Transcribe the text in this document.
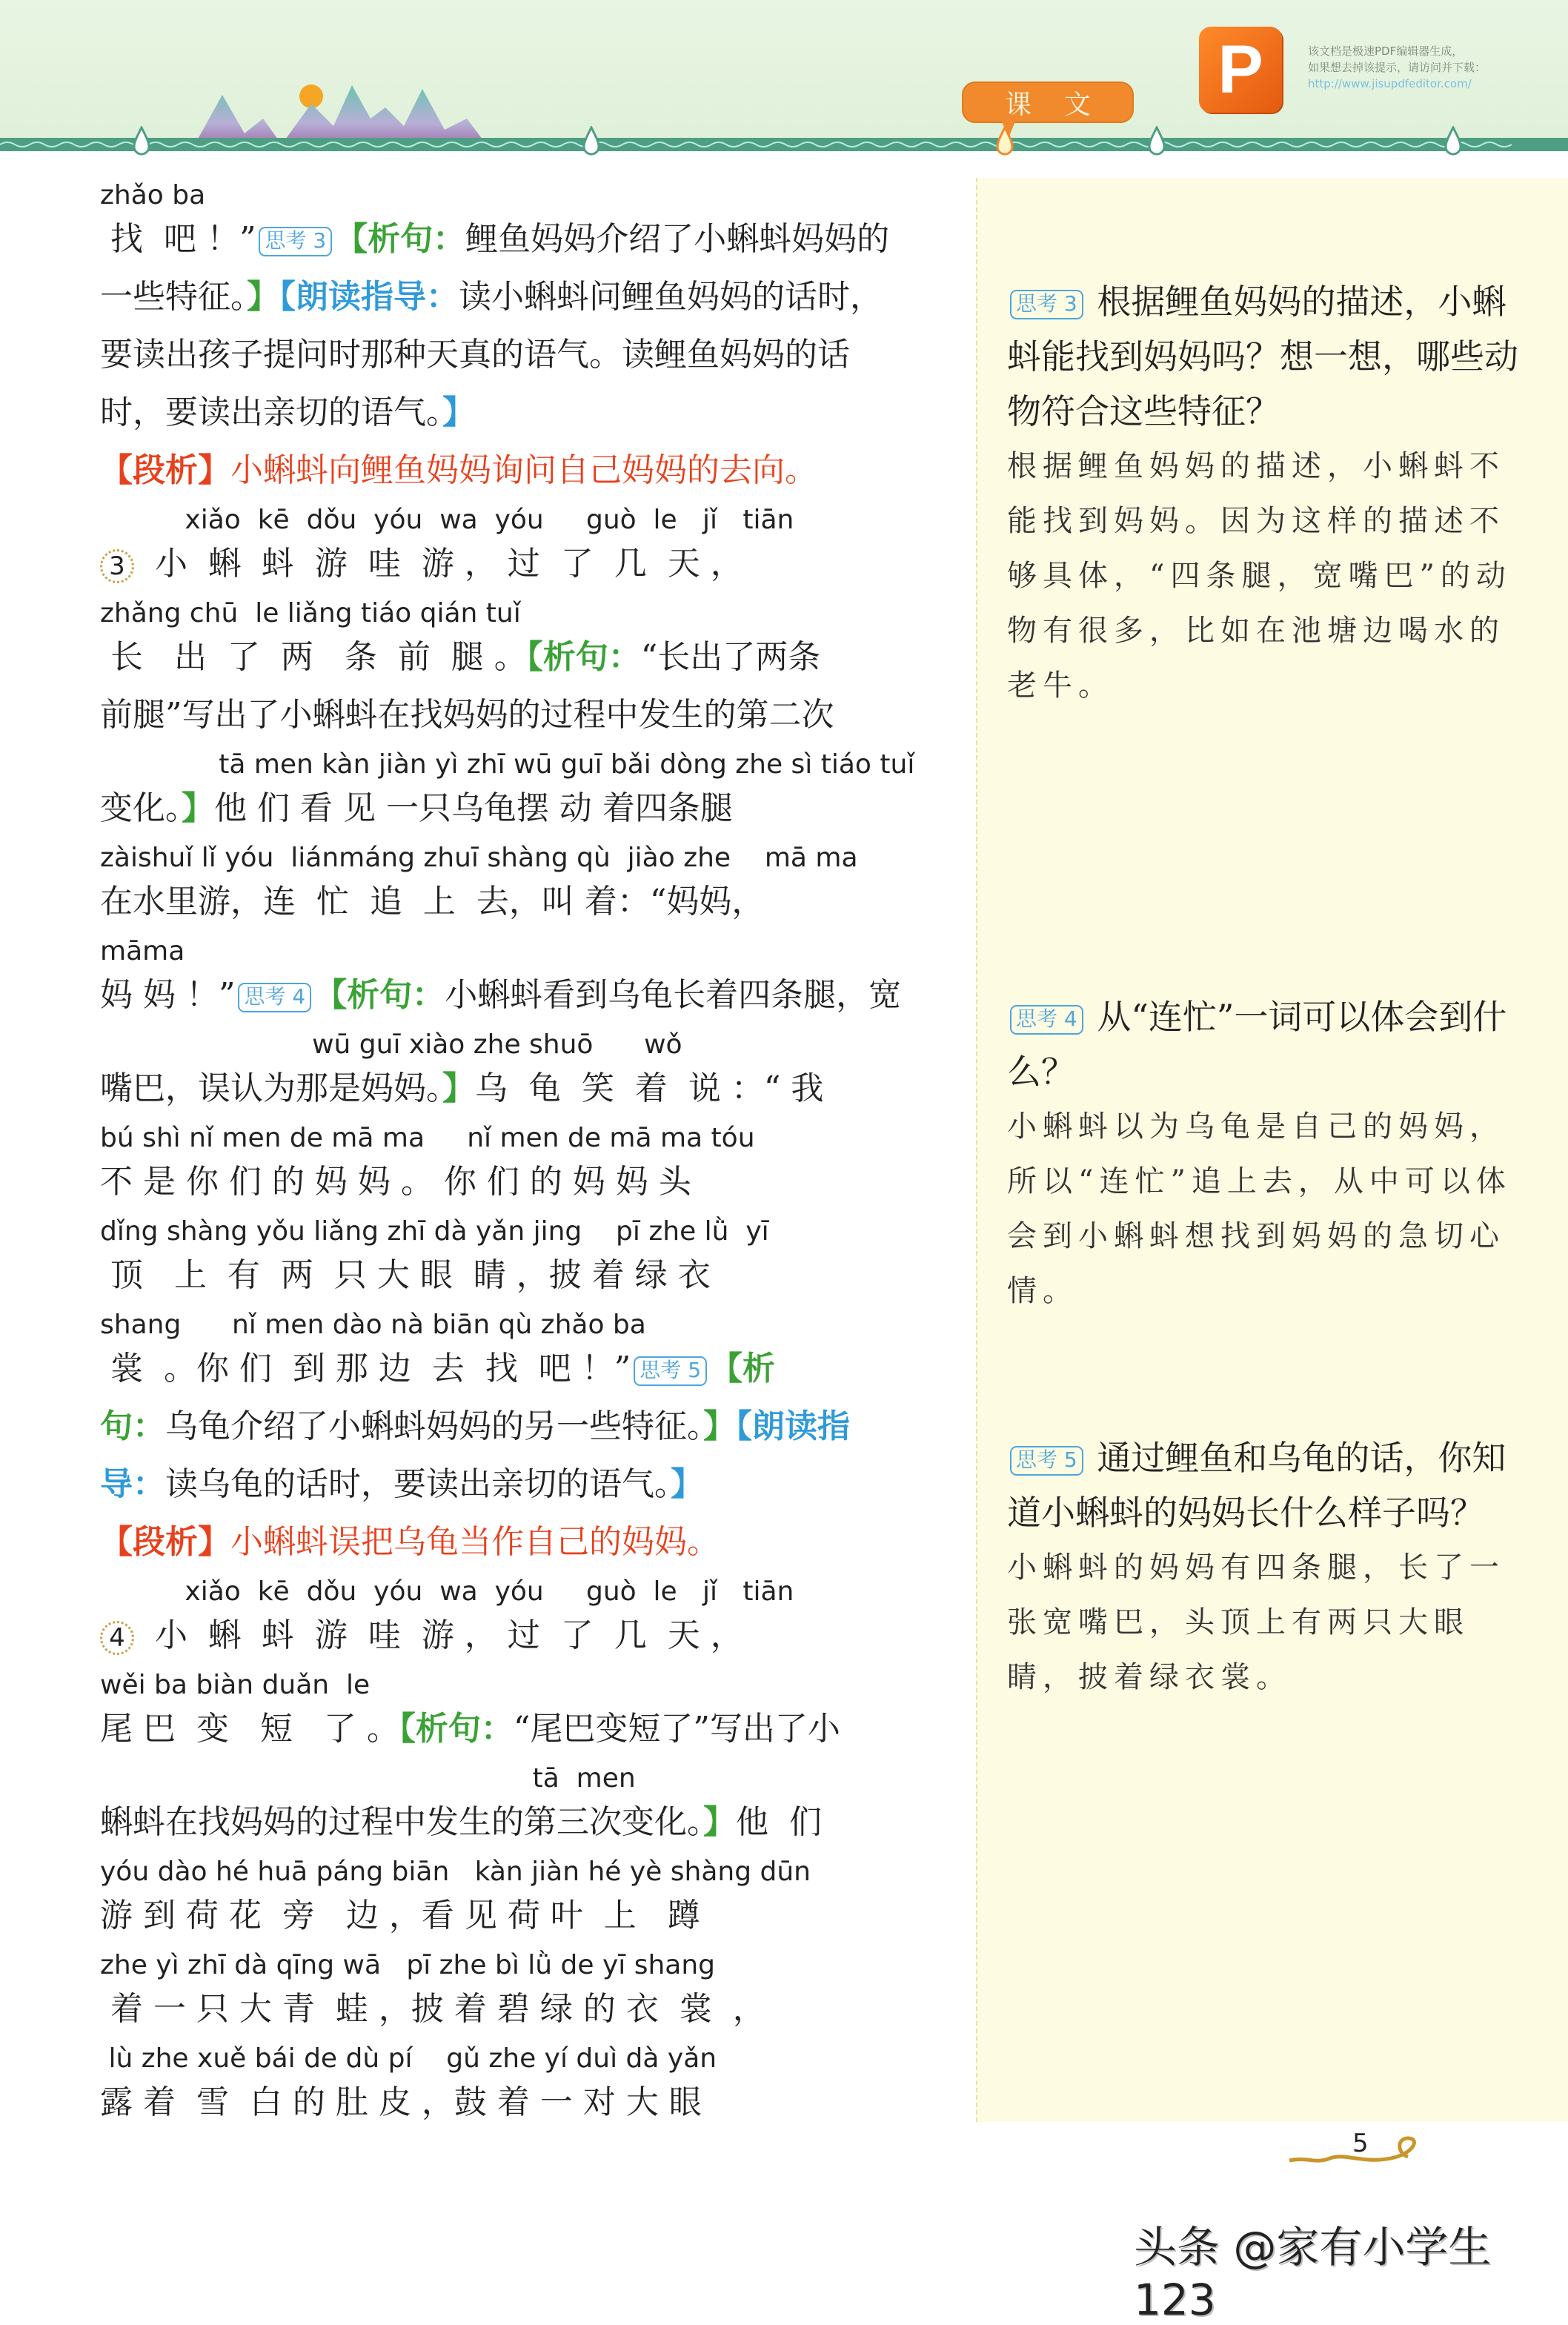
课文 P	该文档是极速PDF编辑器生成，
如果想去掉该提示，请访问并下载：
http://www.jisupdfeditor.com/
zhǎo ba
找  吧 ！” 思考 3 【析句：鲤鱼妈妈介绍了小蝌蚪妈妈的
一些特征。】【朗读指导：读小蝌蚪问鲤鱼妈妈的话时，
要读出孩子提问时那种天真的语气。读鲤鱼妈妈的话
时，要读出亲切的语气。】
【段析】小蝌蚪向鲤鱼妈妈询问自己妈妈的去向。
xiǎo  kē  dǒu  yóu  wa  yóu     guò  le   jǐ   tiān
3  小  蝌  蚪  游  哇  游 ， 过  了  几  天 ，
zhǎng chū  le liǎng tiáo qián tuǐ
长   出  了  两   条  前  腿 。【析句：“长出了两条
前腿”写出了小蝌蚪在找妈妈的过程中发生的第二次
tā men kàn jiàn yì zhī wū guī bǎi dòng zhe sì tiáo tuǐ
变化。】他 们 看 见 一只乌龟摆 动 着四条腿
zàishuǐ lǐ yóu  liánmáng zhuī shàng qù  jiào zhe    mā ma
在水里游，连  忙  追  上  去，叫 着：“妈妈，
māma
妈 妈 ！” 思考 4 【析句：小蝌蚪看到乌龟长着四条腿，宽
wū guī xiào zhe shuō      wǒ
嘴巴，误认为那是妈妈。】乌  龟  笑  着  说 ：“ 我
bú shì nǐ men de mā ma     nǐ men de mā ma tóu
不 是 你 们 的 妈 妈 。 你 们 的 妈 妈 头
dǐng shàng yǒu liǎng zhī dà yǎn jing    pī zhe lǜ  yī
顶   上  有  两  只 大 眼  睛 ，披 着 绿 衣
shang      nǐ men dào nà biān qù zhǎo ba
裳  。你 们  到 那 边  去  找  吧 ！” 思考 5 【析
句：乌龟介绍了小蝌蚪妈妈的另一些特征。】【朗读指
导：读乌龟的话时，要读出亲切的语气。】
【段析】小蝌蚪误把乌龟当作自己的妈妈。
xiǎo  kē  dǒu  yóu  wa  yóu     guò  le   jǐ   tiān
4  小  蝌  蚪  游  哇  游 ， 过  了  几  天 ，
wěi ba biàn duǎn  le
尾 巴  变   短   了 。【析句：“尾巴变短了”写出了小
tā  men
蝌蚪在找妈妈的过程中发生的第三次变化。】他  们
yóu dào hé huā páng biān   kàn jiàn hé yè shàng dūn
游 到 荷 花  旁   边 ，看 见 荷 叶  上   蹲
zhe yì zhī dà qīng wā   pī zhe bì lǜ de yī shang
着 一 只 大 青  蛙 ，披 着 碧 绿 的 衣  裳  ，
lù zhe xuě bái de dù pí    gǔ zhe yí duì dà yǎn
露 着  雪  白 的 肚 皮 ，鼓 着 一 对 大 眼
思考 3 根据鲤鱼妈妈的描述，小蝌蚪能找到妈妈吗？想一想，哪些动物符合这些特征？
根据鲤鱼妈妈的描述，小蝌蚪不能找到妈妈。因为这样的描述不够具体，“四条腿，宽嘴巴”的动物有很多，比如在池塘边喝水的老牛。
思考 4 从“连忙”一词可以体会到什么？
小蝌蚪以为乌龟是自己的妈妈，所以“连忙”追上去，从中可以体会到小蝌蚪想找到妈妈的急切心情。
思考 5 通过鲤鱼和乌龟的话，你知道小蝌蚪的妈妈长什么样子吗？
小蝌蚪的妈妈有四条腿，长了一张宽嘴巴，头顶上有两只大眼睛，披着绿衣裳。
5
头条 @家有小学生123
